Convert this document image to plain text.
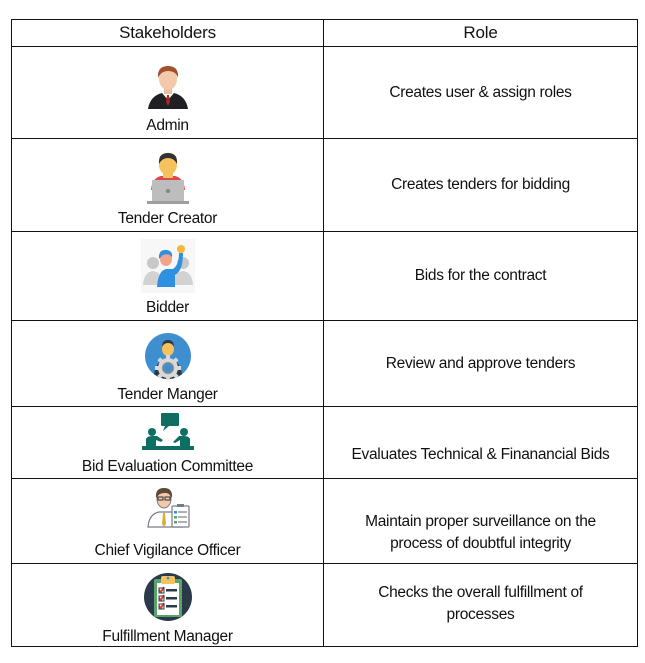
Stakeholders	Role

Admin	Creates user & assign roles

Tender Creator	Creates tenders for bidding

Bidder	Bids for the contract

Tender Manger	Review and approve tenders

Bid Evaluation Committee	Evaluates Technical & Finanancial Bids

Chief Vigilance Officer	Maintain proper surveillance on the
process of doubtful integrity

Fulfillment Manager	Checks the overall fulfillment of
processes
